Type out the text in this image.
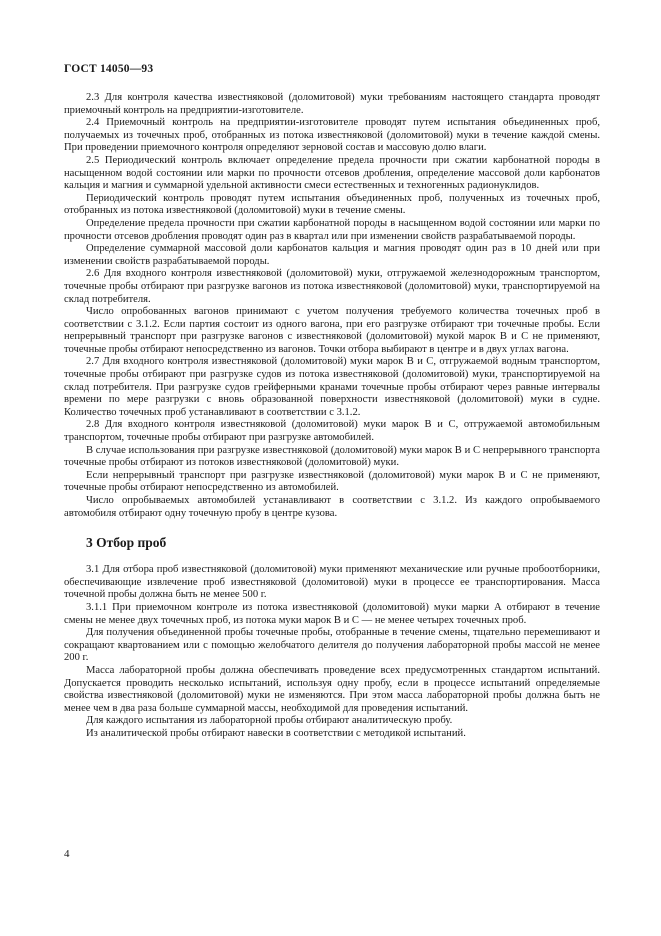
ГОСТ 14050—93

2.3 Для контроля качества известняковой (доломитовой) муки требованиям настоящего стандарта проводят приемочный контроль на предприятии-изготовителе.

2.4 Приемочный контроль на предприятии-изготовителе проводят путем испытания объединенных проб, получаемых из точечных проб, отобранных из потока известняковой (доломитовой) муки в течение каждой смены. При проведении приемочного контроля определяют зерновой состав и массовую долю влаги.

2.5 Периодический контроль включает определение предела прочности при сжатии карбонатной породы в насыщенном водой состоянии или марки по прочности отсевов дробления, определение массовой доли карбонатов кальция и магния и суммарной удельной активности смеси естественных и техногенных радионуклидов.

Периодический контроль проводят путем испытания объединенных проб, полученных из точечных проб, отобранных из потока известняковой (доломитовой) муки в течение смены.

Определение предела прочности при сжатии карбонатной породы в насыщенном водой состоянии или марки по прочности отсевов дробления проводят один раз в квартал или при изменении свойств разрабатываемой породы.

Определение суммарной массовой доли карбонатов кальция и магния проводят один раз в 10 дней или при изменении свойств разрабатываемой породы.

2.6 Для входного контроля известняковой (доломитовой) муки, отгружаемой железнодорожным транспортом, точечные пробы отбирают при разгрузке вагонов из потока известняковой (доломитовой) муки, транспортируемой на склад потребителя.

Число опробованных вагонов принимают с учетом получения требуемого количества точечных проб в соответствии с 3.1.2. Если партия состоит из одного вагона, при его разгрузке отбирают три точечные пробы. Если непрерывный транспорт при разгрузке вагонов с известняковой (доломитовой) мукой марок В и С не применяют, точечные пробы отбирают непосредственно из вагонов. Точки отбора выбирают в центре и в двух углах вагона.

2.7 Для входного контроля известняковой (доломитовой) муки марок В и С, отгружаемой водным транспортом, точечные пробы отбирают при разгрузке судов из потока известняковой (доломитовой) муки, транспортируемой на склад потребителя. При разгрузке судов грейферными кранами точечные пробы отбирают через равные интервалы времени по мере разгрузки с вновь образованной поверхности известняковой (доломитовой) муки в судне. Количество точечных проб устанавливают в соответствии с 3.1.2.

2.8 Для входного контроля известняковой (доломитовой) муки марок В и С, отгружаемой автомобильным транспортом, точечные пробы отбирают при разгрузке автомобилей.

В случае использования при разгрузке известняковой (доломитовой) муки марок В и С непрерывного транспорта точечные пробы отбирают из потоков известняковой (доломитовой) муки.

Если непрерывный транспорт при разгрузке известняковой (доломитовой) муки марок В и С не применяют, точечные пробы отбирают непосредственно из автомобилей.

Число опробываемых автомобилей устанавливают в соответствии с 3.1.2. Из каждого опробываемого автомобиля отбирают одну точечную пробу в центре кузова.

3 Отбор проб

3.1 Для отбора проб известняковой (доломитовой) муки применяют механические или ручные пробоотборники, обеспечивающие извлечение проб известняковой (доломитовой) муки в процессе ее транспортирования. Масса точечной пробы должна быть не менее 500 г.

3.1.1 При приемочном контроле из потока известняковой (доломитовой) муки марки А отбирают в течение смены не менее двух точечных проб, из потока муки марок В и С — не менее четырех точечных проб.

Для получения объединенной пробы точечные пробы, отобранные в течение смены, тщательно перемешивают и сокращают квартованием или с помощью желобчатого делителя до получения лабораторной пробы массой не менее 200 г.

Масса лабораторной пробы должна обеспечивать проведение всех предусмотренных стандартом испытаний. Допускается проводить несколько испытаний, используя одну пробу, если в процессе испытаний определяемые свойства известняковой (доломитовой) муки не изменяются. При этом масса лабораторной пробы должна быть не менее чем в два раза больше суммарной массы, необходимой для проведения испытаний.

Для каждого испытания из лабораторной пробы отбирают аналитическую пробу.

Из аналитической пробы отбирают навески в соответствии с методикой испытаний.

4
